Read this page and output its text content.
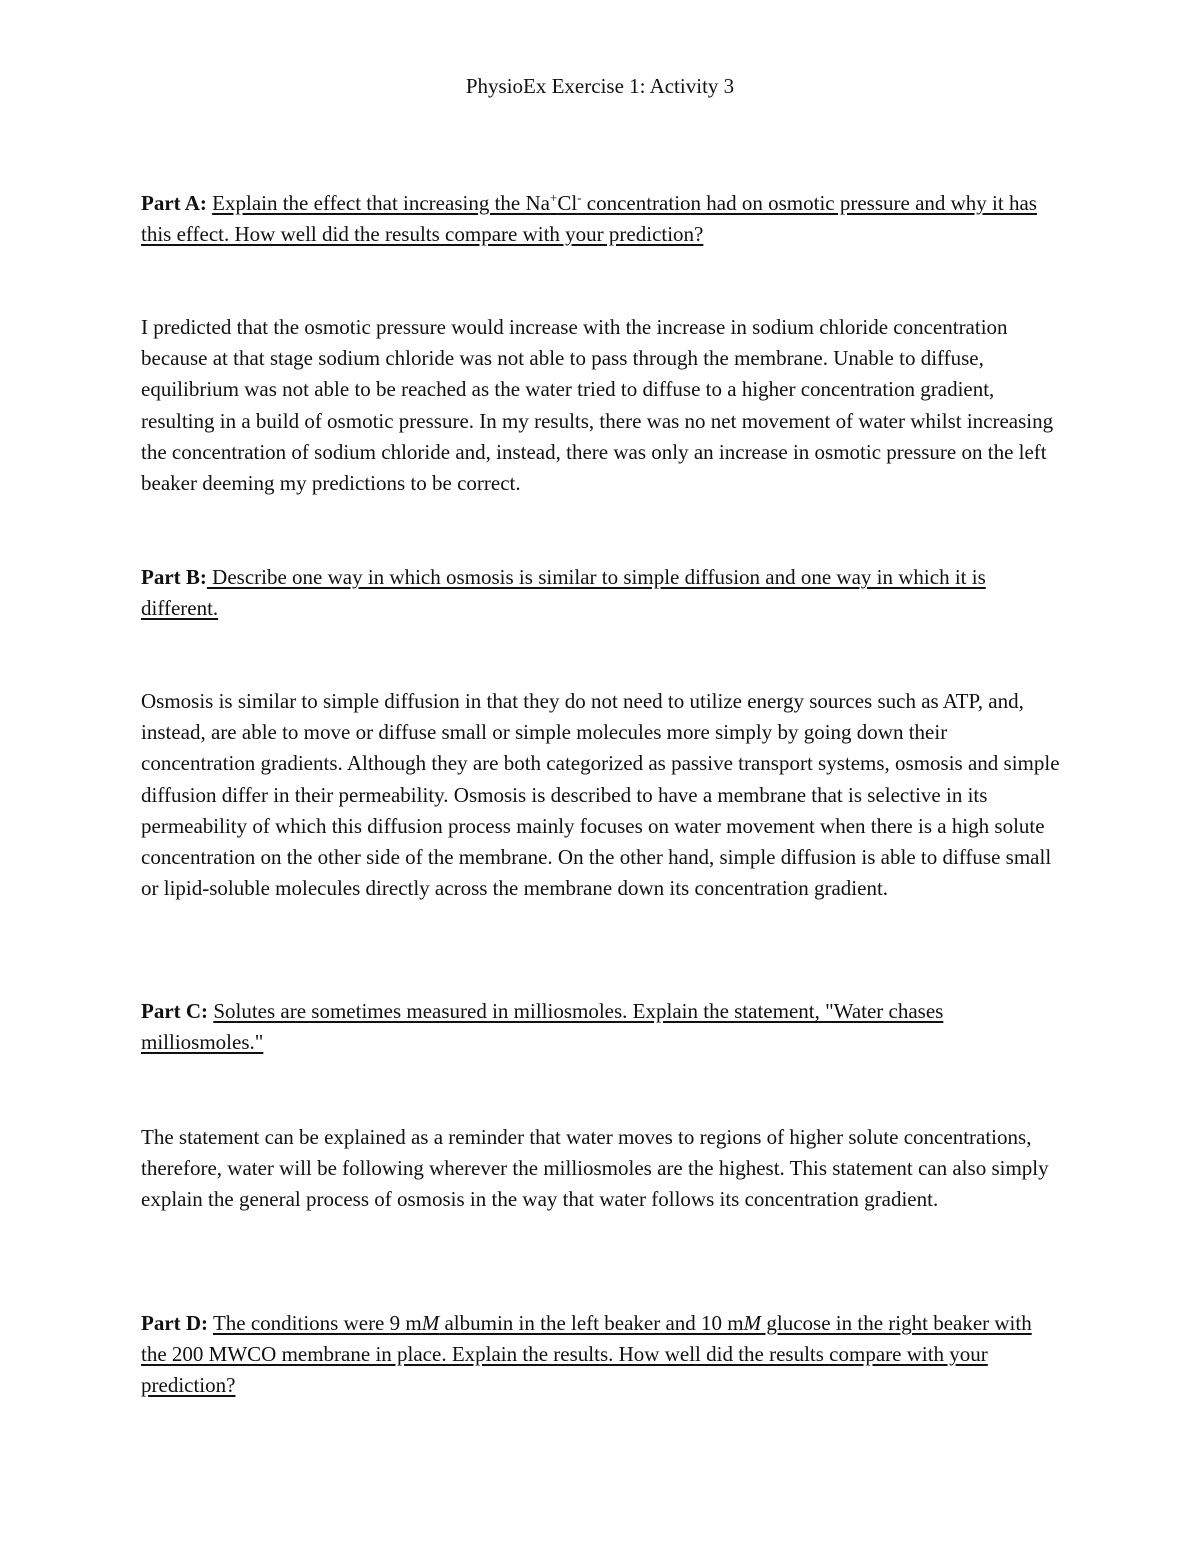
PhysioEx Exercise 1: Activity 3

Part A: Explain the effect that increasing the Na+Cl- concentration had on osmotic pressure and why it has this effect. How well did the results compare with your prediction?

I predicted that the osmotic pressure would increase with the increase in sodium chloride concentration because at that stage sodium chloride was not able to pass through the membrane. Unable to diffuse, equilibrium was not able to be reached as the water tried to diffuse to a higher concentration gradient, resulting in a build of osmotic pressure. In my results, there was no net movement of water whilst increasing the concentration of sodium chloride and, instead, there was only an increase in osmotic pressure on the left beaker deeming my predictions to be correct.

Part B: Describe one way in which osmosis is similar to simple diffusion and one way in which it is different.

Osmosis is similar to simple diffusion in that they do not need to utilize energy sources such as ATP, and, instead, are able to move or diffuse small or simple molecules more simply by going down their concentration gradients. Although they are both categorized as passive transport systems, osmosis and simple diffusion differ in their permeability. Osmosis is described to have a membrane that is selective in its permeability of which this diffusion process mainly focuses on water movement when there is a high solute concentration on the other side of the membrane. On the other hand, simple diffusion is able to diffuse small or lipid-soluble molecules directly across the membrane down its concentration gradient.

Part C: Solutes are sometimes measured in milliosmoles. Explain the statement, "Water chases milliosmoles."

The statement can be explained as a reminder that water moves to regions of higher solute concentrations, therefore, water will be following wherever the milliosmoles are the highest. This statement can also simply explain the general process of osmosis in the way that water follows its concentration gradient.

Part D: The conditions were 9 mM albumin in the left beaker and 10 mM glucose in the right beaker with the 200 MWCO membrane in place. Explain the results. How well did the results compare with your prediction?
